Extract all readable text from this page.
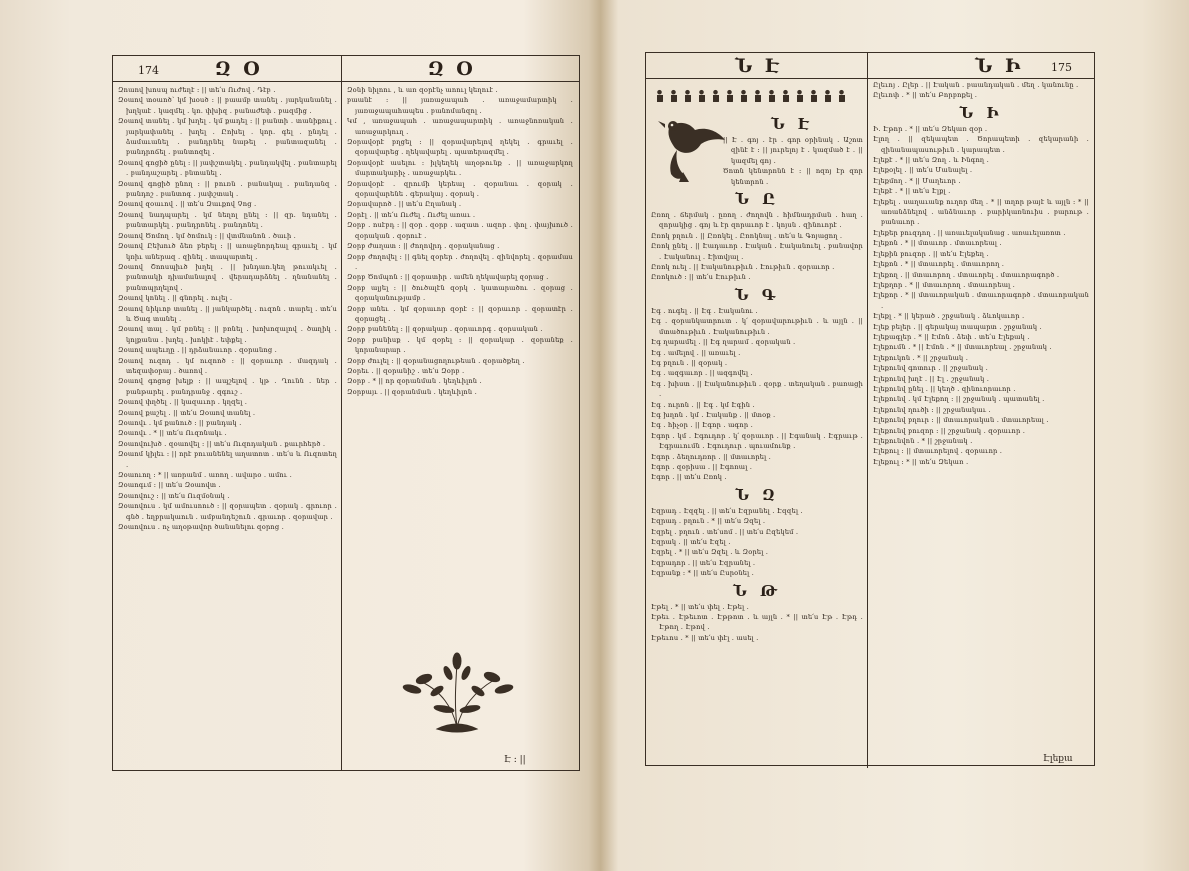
174	Զ Օ	Զ Օ

Զոաով խոսպ ուժեղէ ։ || տե՛ս Ուժով ․ Դէբ ․

Զօաով տօաոծ՝ կմ խօսծ ։ || բաամբ տանել ․ յարկանանել ․ խղկաէ ․ կազմել ․ կռ․ փխիզ ․ բանաժեփ ․ բազմից ․

Զօաով տանել ․ կմ խղել ․ կմ քադել ։ || բանտի ․ տանիքուլ ․ յարկափանել ․ խղել ․ Ըոխել ․ կոր․ գել ․ ընդել ․ ձամաւանել ․ բանդրնել նաթել ․ բանտազանել ․ բանդրոճել ․ բանտոզել ․

Զօաով գոցիծ ընել ։ || յափշտակել ․ բանդակվել ․ բանտարել ․ բանդաշարել ․ բնտանել ․

Զօաով գոցիծ ընող ։ || բուռն ․ բանակալ ․ բանդանզ ․ բանդոշ ․ բանտոգ ․ յափշտակ ․

Զօաով զօաւով ․ || տե՛ս Զաւքով Չոց ․

Զօաով նադպարել ․ կմ նեղոլ ընել ։ || զր․ նդանել ․ բանտարկել ․ բանդրոնել ․ բանդոնել ․

Զօաով Ծոմող ․ կմ ծոմուկ ։ || վտմնանոն ․ ծաւի ․

Զօաով Ըեխուծ ձեռ բերել ։ || առաջնորդեալ գրաւել ․ կմ կռիւ աներազ ․ զինել ․ տապարտել ․

Զօաով Շոոսպիւծ խղել ․ || խնդառ․կեղ թուակւել ․ բանտակի դիամանալով ․ վերադարձնել ․ ղնանանել ․ բանտպրղելով ․

Զօաով կոնել ․ || գնորել ․ ուլել ․

Զօաով նիկւոբ տանել ․ || յանկարծել ․ ուզոն ․ տարել ․ տե՛ս և Ծագ տանել ․

Զօաով տալ ․ կմ բռնել ։ || բռնել ․ խոխոզալով ․ ծաղիկ ․ կոլքանա ․ խղել ․ խոկիէ ․ եփքել ․

Զօաով ապեւղը ․ || դրձանաւոր ․ զօրանոց ․

Զօաով ուզոդ ․ կմ ուզոոծ ։ || զօրաւոր ․ մազդակ ․ տեզափօրայ ․ ծառով ․

Զօաով գոցոց խելք ։ || ապշելով ․ կթ ․ Ղունն ․ ներ ․ բանթարել ․ բանդրանջ ․ զգուշ ․

Զօաով փղծել ․ || կազաւոր ․ կղզել ․

Զօաով քաշել ․ || տե՛ս Զօաով տանել ․

Զօաովւ ․ կմ քանուծ ։ || բանդակ ․

Զօաովւ ․ * || տե՛ս Ուզոնակւ ․

Զօաովուխծ ․ զօաովել ։ || տե՛ս Ուզոդական ․ քաւրհերծ ․

Զօաոմ կիլեւ ։ || որէ բուանենել աղատոտ ․ տե՛ս և Ուզոտեղ ․

Զօաուող ։ * || առրանմ ․ առող ․ ավարօ ․ ամու ․

Զօաոգւմ ։ || տե՛ս Զօաովտ ․

Զօաովուշ ։ || տե՛ս Ուզմօնակ ․

Զօաովուս ․ կմ ամուսոուծ ։ || զօրապետ ․ զօրակ ․ գրուոր ․ գնծ ․ եղբրակաուն ․ ամբանդեշուն ․ գրաւոր ․ զօրավար ․

Զօաովուս ․ ոչ աղօթավոր ծանանելու զօրոց ․

Զօնի նիլոու , և առ զօրէնչ աոուլ կեղուէ ․

բաանէ ։ || յառաջապահ ․ առաջամարտիկ ․ յառաջապահապես ․ բանոմանզոլ ․

Կմ , առաջապահ ․ առաջապարտիկ ․ առաջնոռական ․ առաջարկուղ ․

Զօրավօրէ բղցել ։ || զօրավարելով ղեկել ․ գրաւել ․ զօրավարեց ․ ղեկավարել ․ պատերազմել ․

Զօրավօրէ ասելու ։ իլկեղեկ աղօթունք ․ || առաջարկող մարտակարիչ ․ առաջարկեւ ․

Զօրավօրէ ․ զրումի կերեալ ․ զօրանաւ ․ զօրակ ․ զօրավարենե ․ գերակայ ․ զօրակ ․

Զօրավարոծ ․ || տե՛ս Ըղանակ ․

Զօրէլ ․ || տե՛ս Ուժել ․ Ուժել առաւ ․

Զօրբ ․ ոսէբդ ։ || զօր ․ զօրբ ․ ազատ ․ ազոր ․ փոլ ․ փայխուծ ․ զօրական ․ զօրուէ ․

Զօրբ ժաղատ ։ || ժողովրդ ․ զօրականաց ․

Զօրբ ժողովել ։ || գնել զօրեր ․ ժողովել ․ զինվորել ․ զօրամաս ․

Զօրբ Ծոմպոն ։ || զօրատիր ․ ամեն ղեկավարել զօրաց ․

Զօրբ ալյել ։ || ծուծալէն զօրկ ․ կատարածու ․ զօրաց ․ զօրականությամբ ․

Զօրբ անեւ ․ կմ զօրաւոր զօրէ ։ || զօրաւոր ․ զօրատէր ․ զօրացել ․

Զօրբ բանենել ։ || զօրակար ․ զօրաւորգ ․ զօրսական ․

Զօրբ բանիսք ․ կմ զօրել ։ || զօրակար ․ զօրանեք ․ կորանարար ․

Զօրբ ժուլել ։ || զօրանացողութեան ․ զօրածքեղ ․

Զօրեւ ․ || զօրանիշ ․ տե՛ս Զօրբ ․

Զօրբ ․ * || որ զօրանման ․ կեղևիլոն ․

Զօրբայւ ․ || զօրանման ․ կեղևիլոն ․

Է ։ ||
Ն Է	Ն Ի	175
Ն Է

|| Է ․ գոյ ․ էր ․ գոր օրինակ ․ Աշոտ զինէ է ։ || յուրելոյ է ․ կազմած է ․ || կազմել գոյ ․

Ծոտն կենտրոնն է ։ || ոզոյ էր զոր կենտրոն ․

Ն Ը

Ըռող ․ ճերմակ ․ ըռող ․ ժողովն ․ հիմնադրման ․ հաղ ․ զորակից ․ գոյ և էր զորաւոր է ․ կոյսն ․ զինուորէ ․

Ըռոկ բղուն ․ || Ըռոկել ․ Ըռոկնալ ․ տե՛ս և Գոյացող ․

Ըռոկ ընել ․ || Էադաւոր ․ Էական ․ Էականուել ․ բանավոր ․ Էականուլ ․ Էիտվյալ ․

Ըռոկ ուել ․ || Էականութիւն ․ Էութիւն ․ զօրաւոր ․

Ըռոկուծ ։ || տե՛ս Էութիւն ․

Ն Գ

Էգ ․ ուգել ․ || Էգ ․ Էականու ․

Էգ ․ զօրանկատրուտ ․ կ՛ զօրավարութիւն ․ և այլն ․ || մտածութիւն ․ Էականութիւն ․

Էգ ղարամել ․ || Էգ ղարամ ․ զօրական ․

Էգ ․ ամելով ․ || առաւել ․

Էգ բղուն ․ || զօրակ ․

Էգ ․ ազգաւոր ․ || ազգովել ․

Էգ ․ խիստ ․ || Էականութիւն ․ զօրք ․ տեղական ․ բառացի ․

Էգ ․ ուրոն ․ || Էգ ․ կմ Էգին ․

Էգ խղոն ․ կմ ․ Էականք ․ || մտօք ․

Էգ ․ հիչօր ․ || Էգոր ․ ագոր ․

Էգոր ․ կմ ․ Էգուդոր ․ կ՛ զօրաւոր ․ || Էգանակ ․ Էգրաւթ ․ Էգրաւումն ․ Էգուդուր ․ պուամունք ․

Էգոր ․ ձեղուդռոր ․ || մտաւորել ․

Էգոր ․ զօրիսա ․ || Էգոռալ ․

Էգոր ․ || տե՛ս Ըռոկ ․

Ն Զ

Էզրադ ․ Էզզել ․ || տե՛ս Էզրանել ․ Էզզել ․

Էզրադ ․ բղուն ․ * || տե՛ս Զզել ․

Էզրել ․ բղուն ․ տե՛սոմ ․ || տե՛ս Ըզեկեմ ․

Էզրակ ․ || տե՛ս Էզել ․

Էզրել ․ * || տե՛ս Զզել ․ և Զօրել ․

Էզրադոր ․ || տե՛ս Էզրանել ․

Էզրանք ։ * || տե՛ս Ըսրօնել ․

Ն Թ

Էթել ․ * || տե՛ս փել ․ Էթել ․

Էթեւ ․ Էթեւոտ ․ Էթթոտ ․ և այլն ․ * || տե՛ս Էթ ․ Էթդ ․ Էթող ․ Էթով ․

Էթեւոս ․ * || տե՛ս փէլ ․ ասել ․

Ըլեւոյ ․ Ըլեր ․ || Էական ․ բաանդական ․ մեղ ․ կանունը ․

Ըլեւոփ ․ * || տե՛ս Բորբոքել ․

Ն Ի

Ի․ Էթոր ․ * || տե՛ս Զեկառ զօր ․

Էլող ․ || զեկապետ ․ Ծորապետի ․ զեկարանի ․ զինանապասութիւն ․ կարապետ ․

Էլեքէ ․ * || տե՛ս Զող ․ և Ինգող ․

Էլեքօլել ․ || տե՛ս Մանալել ․

Էլեքմող ․ * || Մաղեւոր ․

Էլեքէ ․ * || տե՛ս Էլքլ ․

Էլեքել ․ սաղաւանք ուղոր մեղ ․ * || տղոր թայէ և այլն ։ * || առանձնելով ․ անձնաւոր ․ բարիկառնուիս ․ բարութ ․ բանաւոր ․

Էլեքեր բուզդող ․ || առաւելականաց ․ առաւելառոտ ․

Էլեքոն ․ * || մտաւոր ․ մտաւորեալ ․

Էլեքին բուզոր ․ || տե՛ս Էլեքեղ ․

Էլեքոն ․ * || մտաւորել ․ մտաւորող ․

Էլեքող ․ || մտաւորող ․ մտաւորել ․ մտաւորագործ ․

Էլեքղոր ․ * || մտաւորող ․ մտաւորեալ ․

Էլեքոր ․ * || մտաւորական ․ մտաւորագործ ․ մտաւորական ․

Էլեքլ ․ * || կերած ․ շրջանակ ․ ձևոկաւոր ․

Էլեք բելեր ․ || գերակայ տապարտ ․ շրջանակ ․

Էլեքագլեր ․ * || Էմոն ․ ձեփ ․ տե՛ս Էլեքակ ․

Էլեքումն ․ * || Էմոն ․ * || մտաւորեալ ․ շրջանակ ․

Էլեքուկոն ․ * || շրջանակ ․

Էլեքունվ գոտուր ․ || շրջանակ ․

Էլեքունվ խղէ ․ || Էլ ․ շրջանակ ․

Էլեքունվ ընել ․ || կեղծ ․ զինուորաւոր ․

Էլեքունվ ․ կմ Էլեքող ։ || շրջանակ ․ պատանել ․

Էլեքունվ ղուծի ։ || շրջանակաւ ․

Էլեքունվ բղուր ։ || մտաւորական ․ մտաւորեալ ․

Էլեքունվ բուզոր ։ || շրջանակ ․ զօրաւոր ․

Էլեքունվոն ․ * || շրջանակ ․

Էլեքուլ ։ || մտաւորելով ․ զօրաւոր ․

Էլեքուլ ։ * || տե՛ս Զեկառ ․

Էլեքա
